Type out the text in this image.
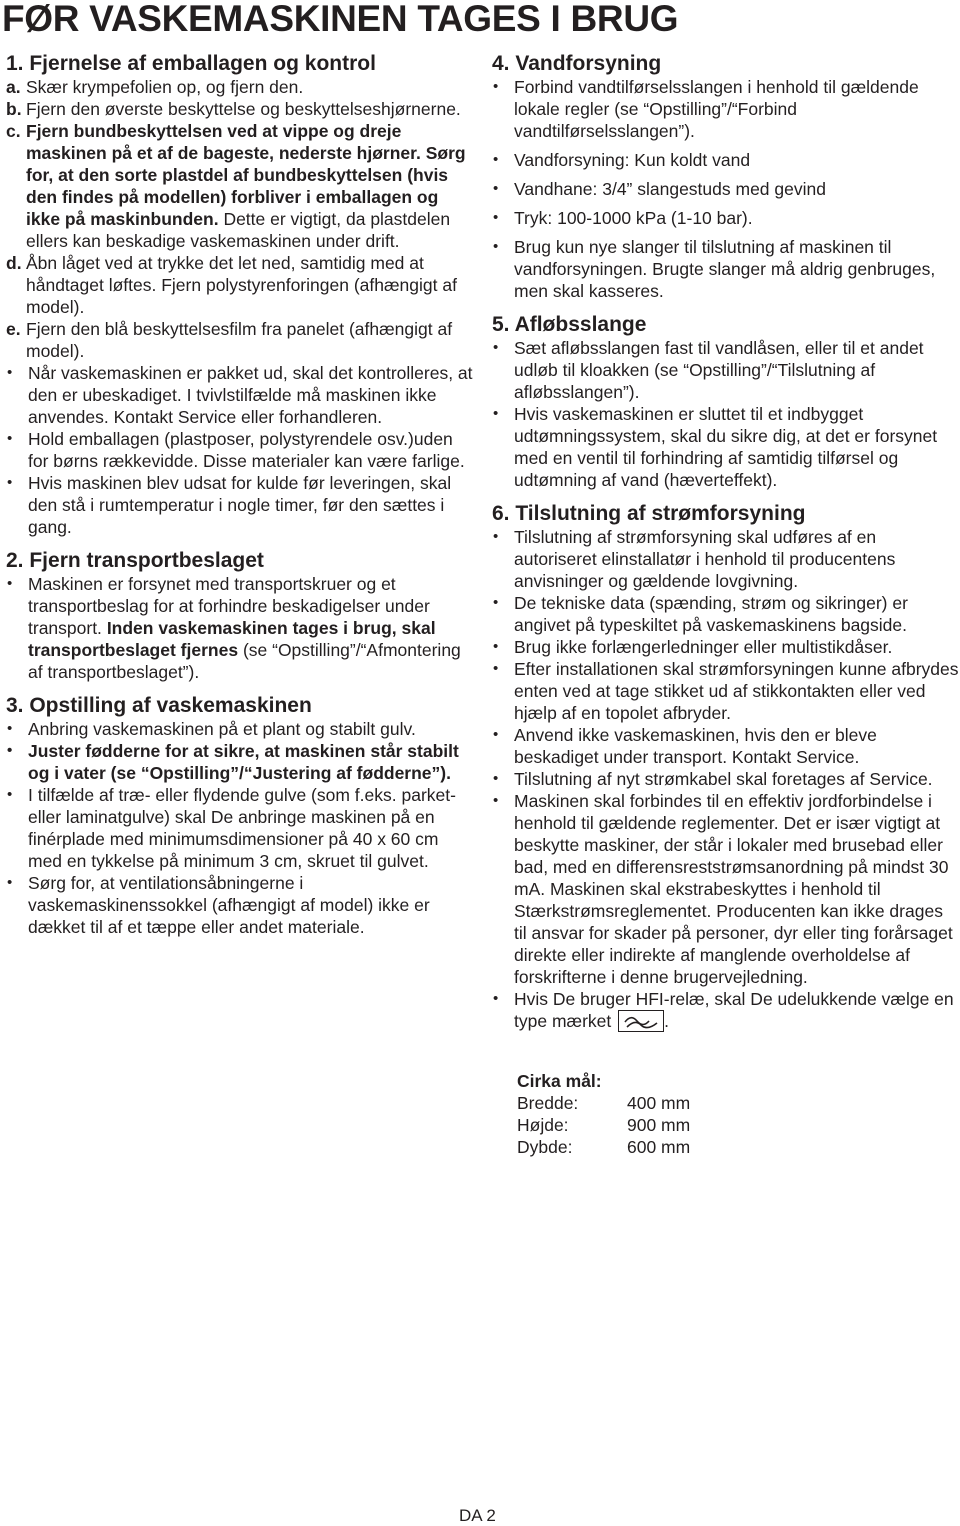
FØR VASKEMASKINEN TAGES I BRUG
1. Fjernelse af emballagen og kontrol
a. Skær krympefolien op, og fjern den.
b. Fjern den øverste beskyttelse og beskyttelseshjørnerne.
c. Fjern bundbeskyttelsen ved at vippe og dreje maskinen på et af de bageste, nederste hjørner. Sørg for, at den sorte plastdel af bundbeskyttelsen (hvis den findes på modellen) forbliver i emballagen og ikke på maskinbunden. Dette er vigtigt, da plastdelen ellers kan beskadige vaskemaskinen under drift.
d. Åbn låget ved at trykke det let ned, samtidig med at håndtaget løftes. Fjern polystyrenforingen (afhængigt af model).
e. Fjern den blå beskyttelsesfilm fra panelet (afhængigt af model).
• Når vaskemaskinen er pakket ud, skal det kontrolleres, at den er ubeskadiget. I tvivlstilfælde må maskinen ikke anvendes. Kontakt Service eller forhandleren.
• Hold emballagen (plastposer, polystyrendele osv.)uden for børns rækkevidde. Disse materialer kan være farlige.
• Hvis maskinen blev udsat for kulde før leveringen, skal den stå i rumtemperatur i nogle timer, før den sættes i gang.
2. Fjern transportbeslaget
• Maskinen er forsynet med transportskruer og et transportbeslag for at forhindre beskadigelser under transport. Inden vaskemaskinen tages i brug, skal transportbeslaget fjernes (se “Opstilling”/“Afmontering af transportbeslaget”).
3. Opstilling af vaskemaskinen
• Anbring vaskemaskinen på et plant og stabilt gulv.
• Juster fødderne for at sikre, at maskinen står stabilt og i vater (se “Opstilling”/“Justering af fødderne”).
• I tilfælde af træ- eller flydende gulve (som f.eks. parket- eller laminatgulve) skal De anbringe maskinen på en finérplade med minimumsdimensioner på 40 x 60 cm med en tykkelse på minimum 3 cm, skruet til gulvet.
• Sørg for, at ventilationsåbningerne i vaskemaskinenssokkel (afhængigt af model) ikke er dækket til af et tæppe eller andet materiale.
4. Vandforsyning
• Forbind vandtilførselsslangen i henhold til gældende lokale regler (se “Opstilling”/“Forbind vandtilførselsslangen”).
• Vandforsyning: Kun koldt vand
• Vandhane: 3/4” slangestuds med gevind
• Tryk: 100-1000 kPa (1-10 bar).
• Brug kun nye slanger til tilslutning af maskinen til vandforsyningen. Brugte slanger må aldrig genbruges, men skal kasseres.
5. Afløbsslange
• Sæt afløbsslangen fast til vandlåsen, eller til et andet udløb til kloakken (se “Opstilling”/“Tilslutning af afløbsslangen”).
• Hvis vaskemaskinen er sluttet til et indbygget udtømningssystem, skal du sikre dig, at det er forsynet med en ventil til forhindring af samtidig tilførsel og udtømning af vand (hæverteffekt).
6. Tilslutning af strømforsyning
• Tilslutning af strømforsyning skal udføres af en autoriseret elinstallatør i henhold til producentens anvisninger og gældende lovgivning.
• De tekniske data (spænding, strøm og sikringer) er angivet på typeskiltet på vaskemaskinens bagside.
• Brug ikke forlængerledninger eller multistikdåser.
• Efter installationen skal strømforsyningen kunne afbrydes enten ved at tage stikket ud af stikkontakten eller ved hjælp af en topolet afbryder.
• Anvend ikke vaskemaskinen, hvis den er bleve beskadiget under transport. Kontakt Service.
• Tilslutning af nyt strømkabel skal foretages af Service.
• Maskinen skal forbindes til en effektiv jordforbindelse i henhold til gældende reglementer. Det er især vigtigt at beskytte maskiner, der står i lokaler med brusebad eller bad, med en differensreststrømsanordning på mindst 30 mA. Maskinen skal ekstrabeskyttes i henhold til Stærkstrømsreglementet. Producenten kan ikke drages til ansvar for skader på personer, dyr eller ting forårsaget direkte eller indirekte af manglende overholdelse af forskrifterne i denne brugervejledning.
• Hvis De bruger HFI-relæ, skal De udelukkende vælge en type mærket	.
Cirka mål:
Bredde:	400 mm
Højde:	900 mm
Dybde:	600 mm
DA 2
